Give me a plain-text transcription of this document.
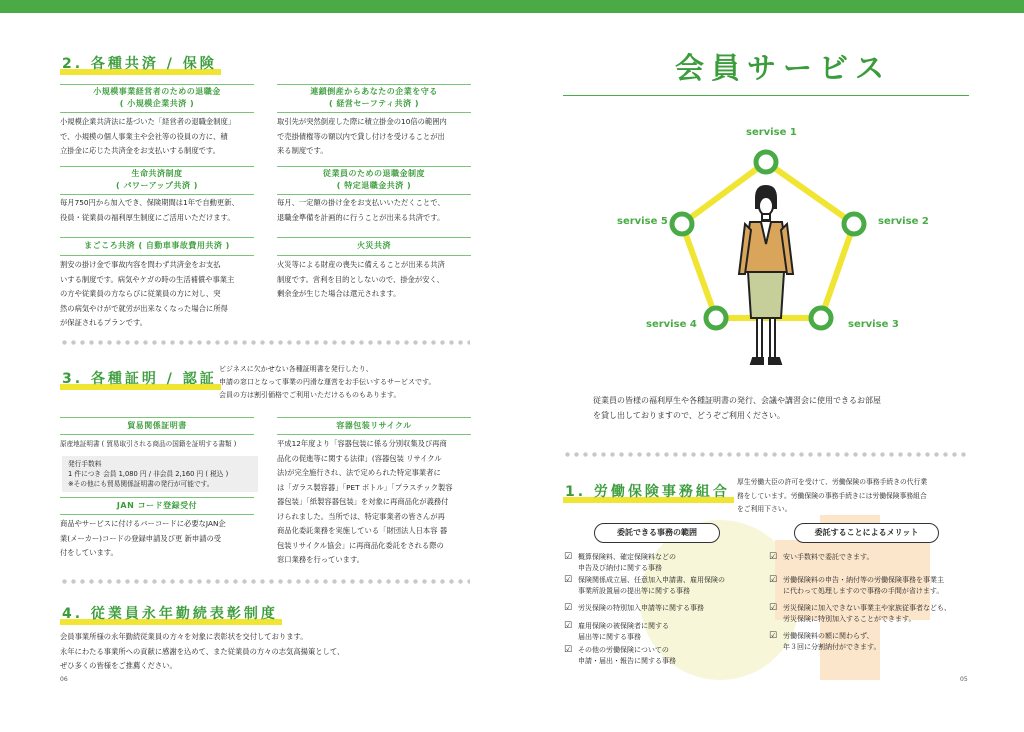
2. 各種共済 / 保険
小規模事業経営者のための退職金
( 小規模企業共済 )
小規模企業共済法に基づいた「経営者の退職金制度」
で、小規模の個人事業主や会社等の役員の方に、積
立掛金に応じた共済金をお支払いする制度です。
連鎖倒産からあなたの企業を守る
( 経営セーフティ共済 )
取引先が突然倒産した際に積立掛金の10倍の範囲内
で売掛債権等の額以内で貸し付けを受けることが出
来る制度です。
生命共済制度
( パワーアップ共済 )
毎月750円から加入でき、保険期間は1年で自動更新、
役員・従業員の福利厚生制度にご活用いただけます。
従業員のための退職金制度
( 特定退職金共済 )
毎月、一定額の掛け金をお支払いいただくことで、
退職金準備を計画的に行うことが出来る共済です。
まごころ共済 ( 自動車事故費用共済 )
割安の掛け金で事故内容を問わず共済金をお支払
いする制度です。病気やケガの時の生活補償や事業主
の方や従業員の方ならびに従業員の方に対し、突
然の病気やけがで就労が出来なくなった場合に所得
が保証されるプランです。
火災共済
火災等による財産の喪失に備えることが出来る共済
制度です。営利を目的としないので、掛金が安く、
剰余金が生じた場合は還元されます。
3. 各種証明 / 認証
ビジネスに欠かせない各種証明書を発行したり、
申請の窓口となって事業の円滑な運営をお手伝いするサービスです。
会員の方は割引価格でご利用いただけるものもあります。
貿易関係証明書
原産地証明書 ( 貿易取引される商品の国籍を証明する書類 )
発行手数料
1 件につき 会員 1,080 円 / 非会員 2,160 円 ( 税込 )
※その他にも貿易関係証明書の発行が可能です。
JAN コード登録受付
商品やサービスに付けるバーコードに必要なJAN企
業(メーカー)コードの登録申請及び更 新申請の受
付をしています。
容器包装リサイクル
平成12年度より「容器包装に係る分別収集及び再商
品化の促進等に関する法律」(容器包装 リサイクル
法)が完全施行され、法で定められた特定事業者に
は「ガラス製容器」「PET ボトル」「プラスチック製容
器包装」「紙製容器包装」を対象に再商品化が義務付
けられました。当所では、特定事業者の皆さんが再
商品化委託業務を実施している「財団法人日本容 器
包装リサイクル協会」に再商品化委託をされる際の
窓口業務を行っています。
4. 従業員永年勤続表彰制度
会員事業所様の永年勤続従業員の方々を対象に表彰状を交付しております。
永年にわたる事業所への貢献に感謝を込めて、また従業員の方々の志気高揚策として、
ぜひ多くの皆様をご推薦ください。
06
会員サービス
servise 1
servise 2
servise 3
servise 4
servise 5
従業員の皆様の福利厚生や各種証明書の発行、会議や講習会に使用できるお部屋
を貸し出しておりますので、どうぞご利用ください。
1. 労働保険事務組合
厚生労働大臣の許可を受けて、労働保険の事務手続きの代行業
務をしています。労働保険の事務手続きには労働保険事務組合
をご利用下さい。
委託できる事務の範囲	委託することによるメリット
☑ 概算保険料、確定保険料などの
申告及び納付に関する事務
☑ 保険関係成立届、任意加入申請書、雇用保険の
事業所設置届の提出等に関する事務
☑ 労災保険の特別加入申請等に関する事務
☑ 雇用保険の被保険者に関する
届出等に関する事務
☑ その他の労働保険についての
申請・届出・報告に関する事務
☑ 安い手数料で委託できます。
☑ 労働保険料の申告・納付等の労働保険事務を事業主
に代わって処理しますので事務の手間が省けます。
☑ 労災保険に加入できない事業主や家族従事者なども、
労災保険に特別加入することができます。
☑ 労働保険料の額に関わらず、
年３回に分割納付ができます。
05
